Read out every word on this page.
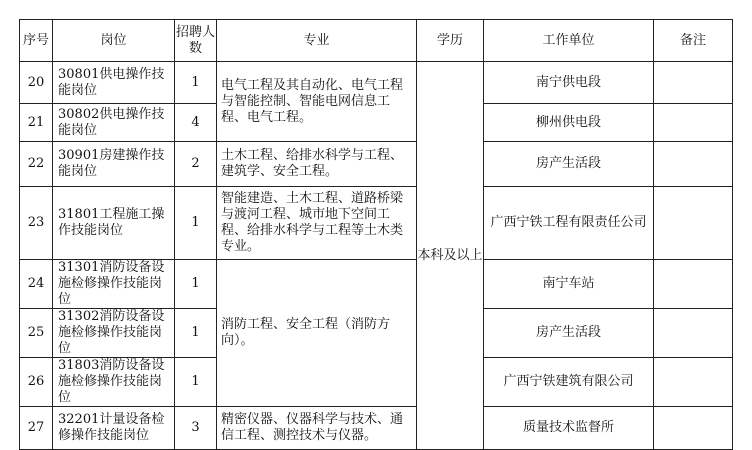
序号	岗位	招聘人数	专业	学历	工作单位	备注
20	30801供电操作技能岗位	1	电气工程及其自动化、电气工程与智能控制、智能电网信息工程、电气工程。	本科及以上	南宁供电段	
21	30802供电操作技能岗位	4			柳州供电段	
22	30901房建操作技能岗位	2	土木工程、给排水科学与工程、建筑学、安全工程。		房产生活段	
23	31801工程施工操作技能岗位	1	智能建造、土木工程、道路桥梁与渡河工程、城市地下空间工程、给排水科学与工程等土木类专业。		广西宁铁工程有限责任公司	
24	31301消防设备设施检修操作技能岗位	1	消防工程、安全工程（消防方向）。		南宁车站	
25	31302消防设备设施检修操作技能岗位	1			房产生活段	
26	31803消防设备设施检修操作技能岗位	1			广西宁铁建筑有限公司	
27	32201计量设备检修操作技能岗位	3	精密仪器、仪器科学与技术、通信工程、测控技术与仪器。		质量技术监督所	
